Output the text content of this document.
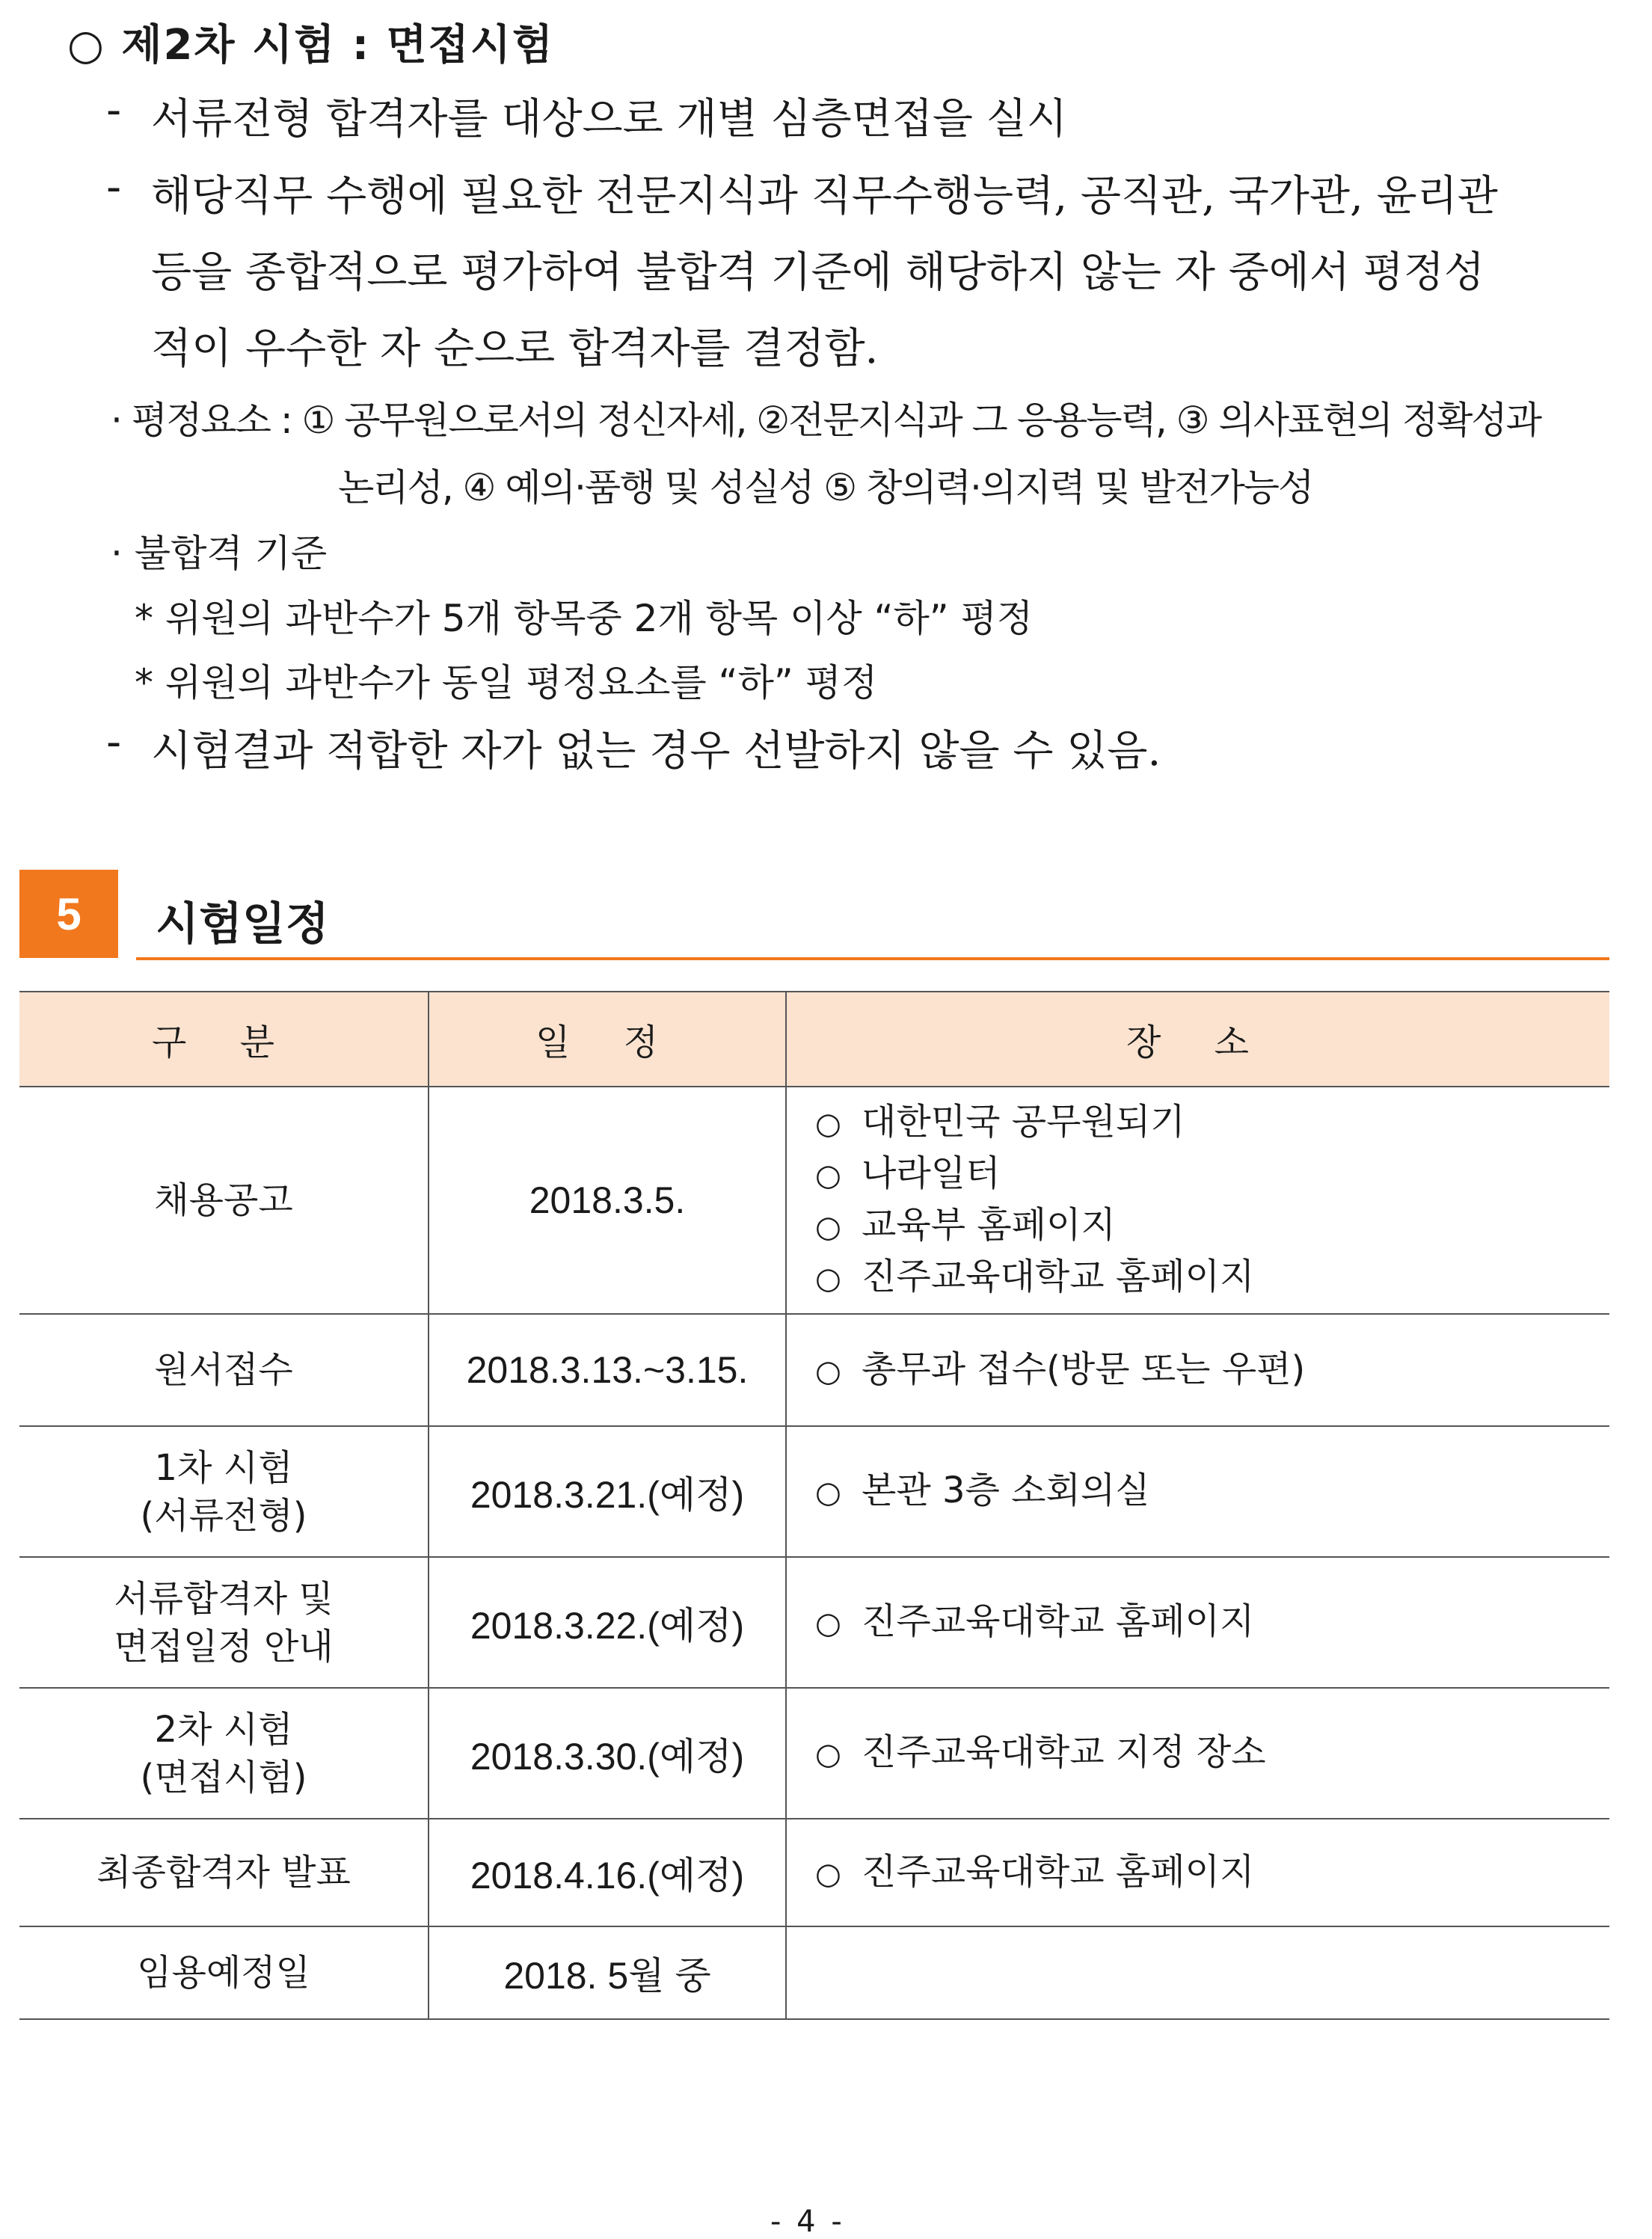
○ 제2차 시험 : 면접시험
- 서류전형 합격자를 대상으로 개별 심층면접을 실시
- 해당직무 수행에 필요한 전문지식과 직무수행능력, 공직관, 국가관, 윤리관
등을 종합적으로 평가하여 불합격 기준에 해당하지 않는 자 중에서 평정성
적이 우수한 자 순으로 합격자를 결정함.
· 평정요소 : ① 공무원으로서의 정신자세, ②전문지식과 그 응용능력, ③ 의사표현의 정확성과
논리성, ④ 예의·품행 및 성실성 ⑤ 창의력·의지력 및 발전가능성
· 불합격 기준
* 위원의 과반수가 5개 항목중 2개 항목 이상 “하” 평정
* 위원의 과반수가 동일 평정요소를 “하” 평정
- 시험결과 적합한 자가 없는 경우 선발하지 않을 수 있음.
5	시험일정
구 분	일 정	장 소

채용공고	2018.3.5.	○ 대한민국 공무원되기
○ 나라일터
○ 교육부 홈페이지
○ 진주교육대학교 홈페이지

원서접수	2018.3.13.~3.15.	○ 총무과 접수(방문 또는 우편)

1차 시험
(서류전형)	2018.3.21.(예정)	○ 본관 3층 소회의실

서류합격자 및
면접일정 안내	2018.3.22.(예정)	○ 진주교육대학교 홈페이지

2차 시험
(면접시험)	2018.3.30.(예정)	○ 진주교육대학교 지정 장소

최종합격자 발표	2018.4.16.(예정)	○ 진주교육대학교 홈페이지

임용예정일	2018. 5월 중	
- 4 -
